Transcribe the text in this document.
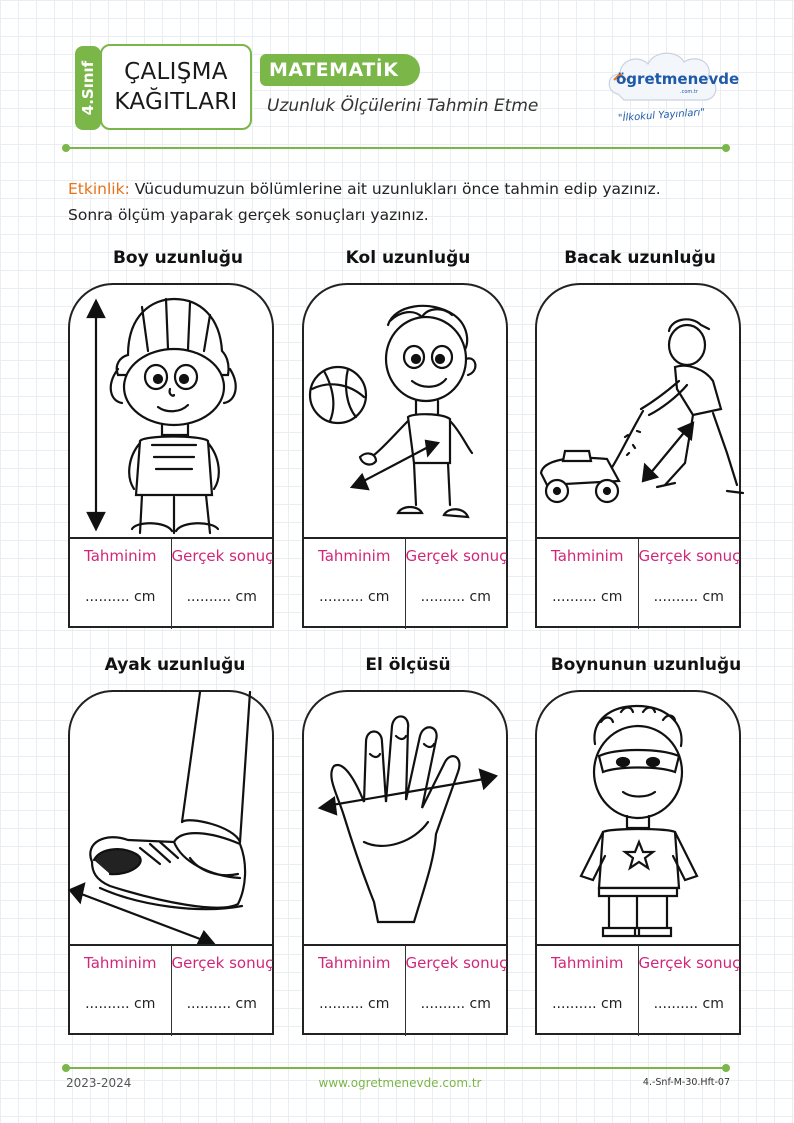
4.Sınıf ÇALIŞMA
KAĞITLARI
MATEMATİK
Uzunluk Ölçülerini Tahmin Etme
ögretmenevde
.com.tr
"İlkokul Yayınları"
Etkinlik: Vücudumuzun bölümlerine ait uzunlukları önce tahmin edip yazınız.
Sonra ölçüm yaparak gerçek sonuçları yazınız.
Boy uzunluğu
Tahminim
.......... cm
Gerçek sonuç
.......... cm
Kol uzunluğu
Tahminim
.......... cm
Gerçek sonuç
.......... cm
Bacak uzunluğu
Tahminim
.......... cm
Gerçek sonuç
.......... cm
Ayak uzunluğu
Tahminim
.......... cm
Gerçek sonuç
.......... cm
El ölçüsü
Tahminim
.......... cm
Gerçek sonuç
.......... cm
Boynunun uzunluğu
Tahminim
.......... cm
Gerçek sonuç
.......... cm
2023-2024	www.ogretmenevde.com.tr	4.-Snf-M-30.Hft-07
